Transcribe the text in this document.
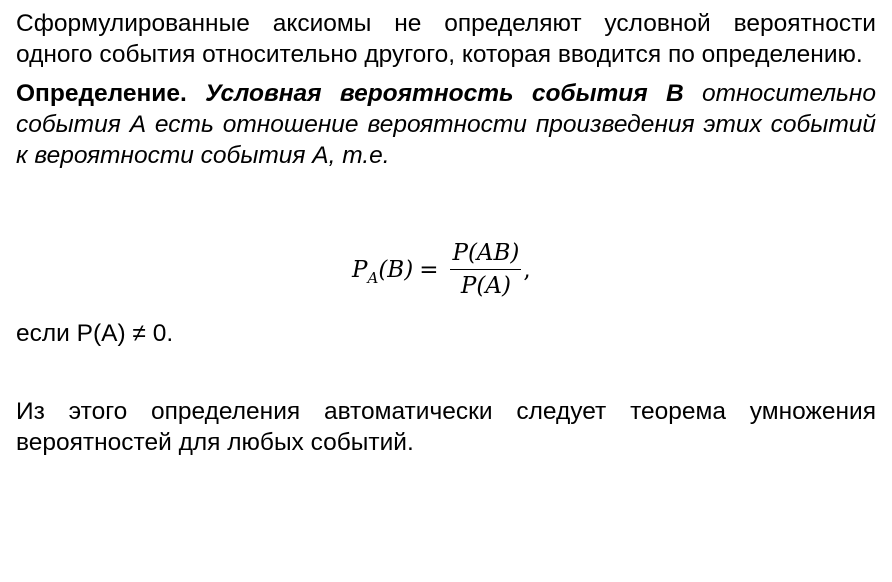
Сформулированные аксиомы не определяют условной вероятности одного события относительно другого, которая вводится по определению.

Определение. Условная вероятность события В относительно события А есть отношение вероятности произведения этих событий к вероятности события А, т.е.

P A $(B) = \frac{P(AB)}{P(A)}$ ,

если Р(А) ≠ 0.

Из этого определения автоматически следует теорема умножения вероятностей для любых событий.
